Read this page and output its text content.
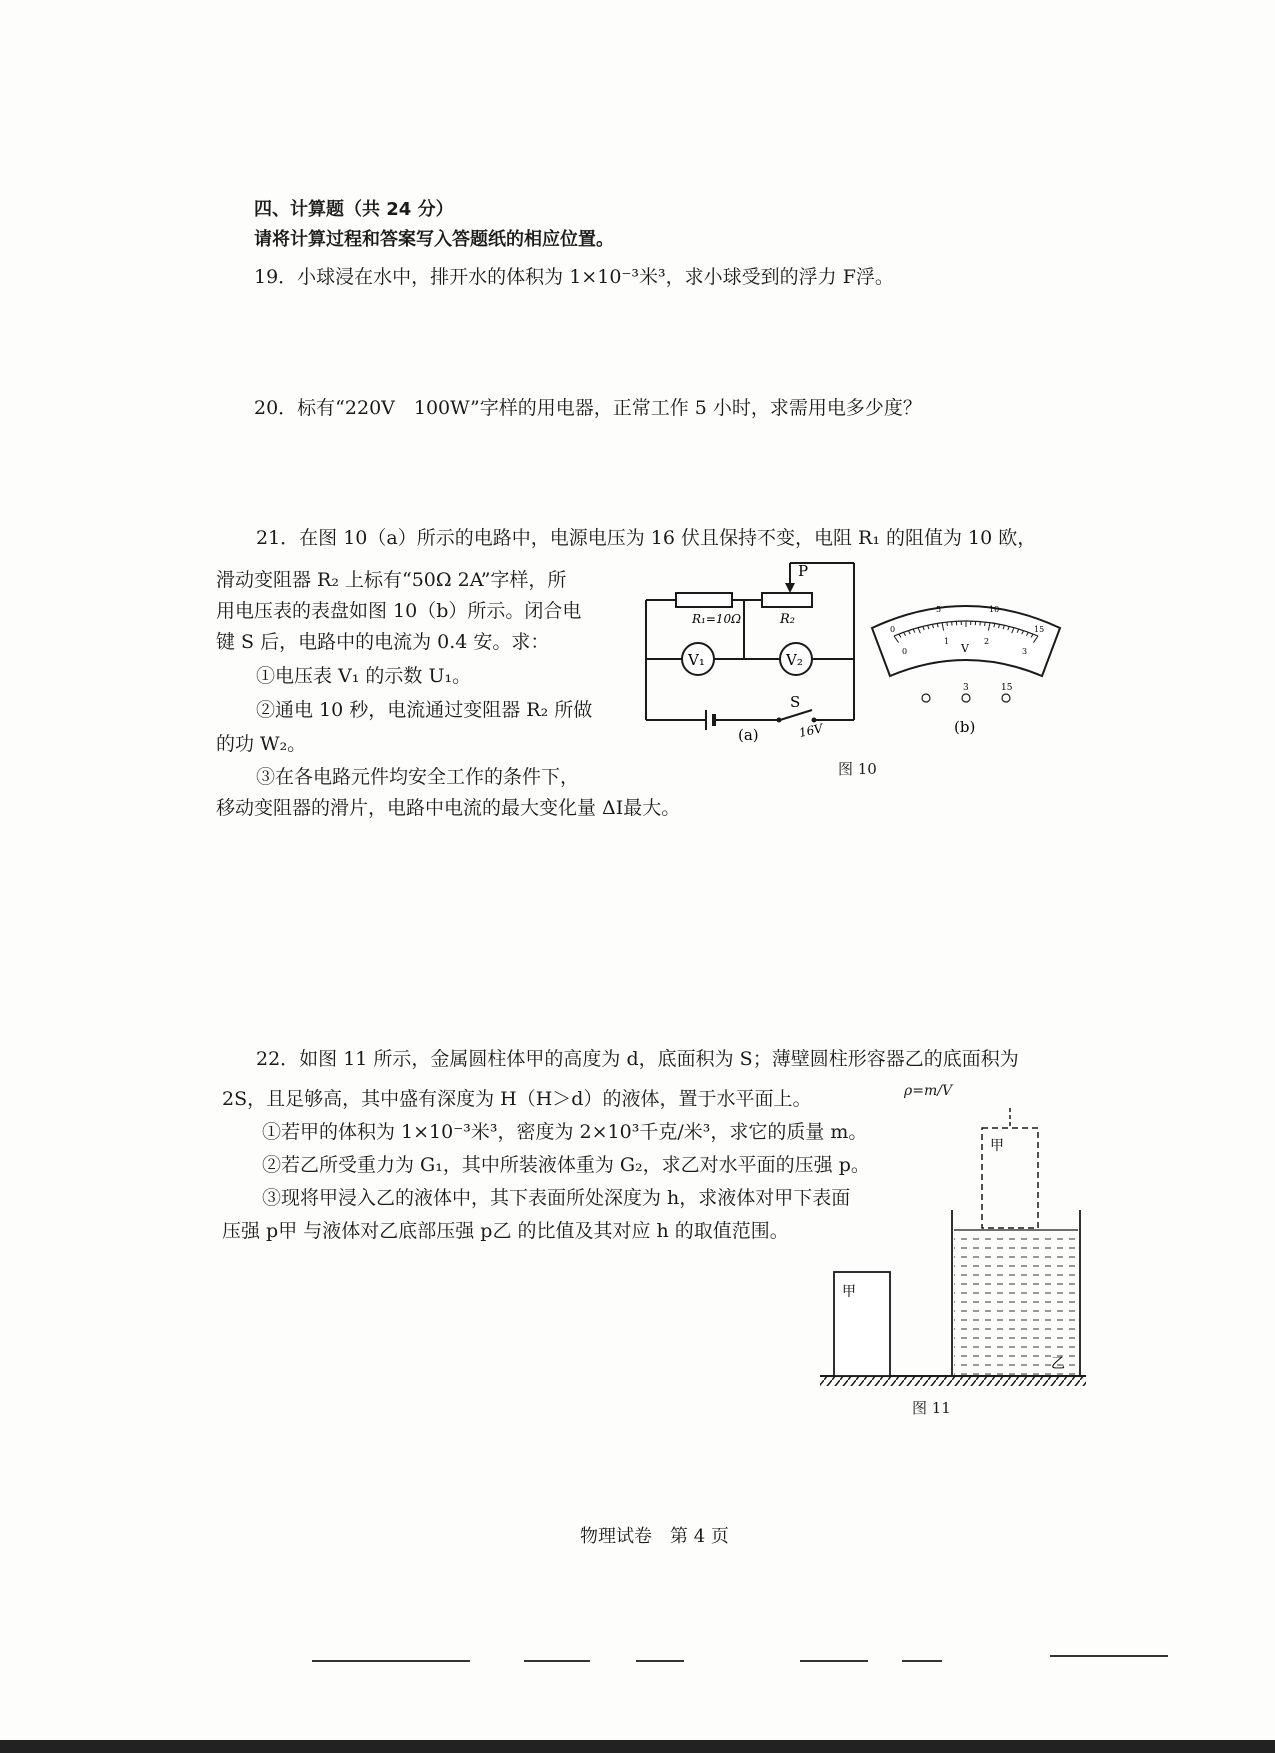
四、计算题（共 24 分）
请将计算过程和答案写入答题纸的相应位置。
19．小球浸在水中，排开水的体积为 1×10⁻³米³，求小球受到的浮力 F浮。
20．标有“220V　100W”字样的用电器，正常工作 5 小时，求需用电多少度？
21．在图 10（a）所示的电路中，电源电压为 16 伏且保持不变，电阻 R₁ 的阻值为 10 欧，
滑动变阻器 R₂ 上标有“50Ω 2A”字样，所
用电压表的表盘如图 10（b）所示。闭合电
键 S 后，电路中的电流为 0.4 安。求：
①电压表 V₁ 的示数 U₁。
②通电 10 秒，电流通过变阻器 R₂ 所做
的功 W₂。
③在各电路元件均安全工作的条件下，
移动变阻器的滑片，电路中电流的最大变化量 ΔI最大。
P
R₁=10Ω	R₂
V₁	V₂
S
16V
(a)
0
5	10
15
0
1	2
3
V
3	15
(b)
图 10
22．如图 11 所示，金属圆柱体甲的高度为 d，底面积为 S；薄壁圆柱形容器乙的底面积为
2S，且足够高，其中盛有深度为 H（H＞d）的液体，置于水平面上。
①若甲的体积为 1×10⁻³米³，密度为 2×10³千克/米³，求它的质量 m。
②若乙所受重力为 G₁，其中所装液体重为 G₂，求乙对水平面的压强 p。
③现将甲浸入乙的液体中，其下表面所处深度为 h，求液体对甲下表面
压强 p甲 与液体对乙底部压强 p乙 的比值及其对应 h 的取值范围。
ρ=m/V
甲
乙
甲
图 11
物理试卷　第 4 页
